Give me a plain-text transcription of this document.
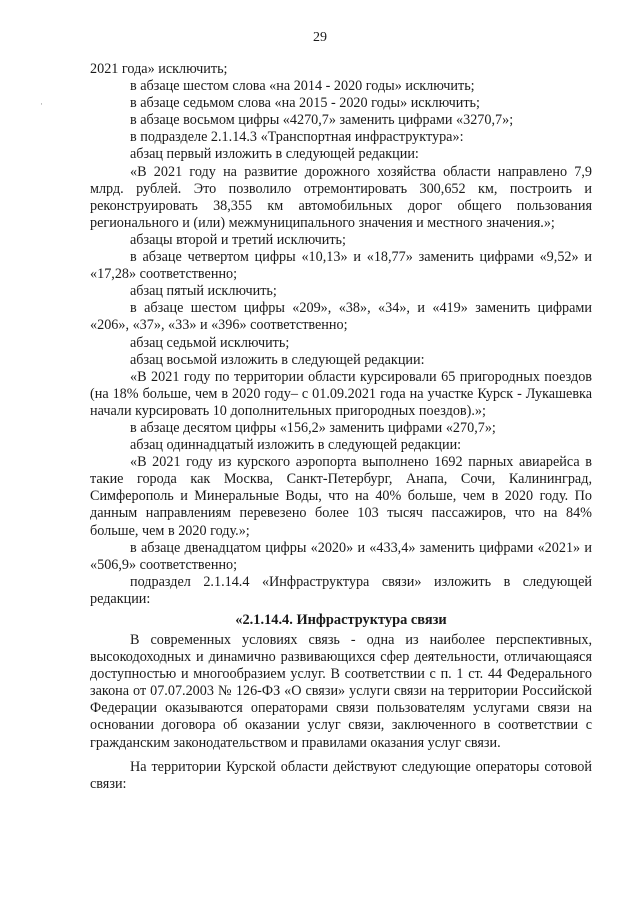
29
·

2021 года» исключить;

в абзаце шестом слова «на 2014 - 2020 годы» исключить;

в абзаце седьмом слова «на 2015 - 2020 годы» исключить;

в абзаце восьмом цифры «4270,7» заменить цифрами «3270,7»;

в подразделе 2.1.14.3 «Транспортная инфраструктура»:

абзац первый изложить в следующей редакции:

«В 2021 году на развитие дорожного хозяйства области направлено 7,9 млрд. рублей. Это позволило отремонтировать 300,652 км, построить и реконструировать 38,355 км автомобильных дорог общего пользования регионального и (или) межмуниципального значения и местного значения.»;

абзацы второй и третий исключить;

в абзаце четвертом цифры «10,13» и «18,77» заменить цифрами «9,52» и «17,28» соответственно;

абзац пятый исключить;

в абзаце шестом цифры «209», «38», «34», и «419» заменить цифрами «206», «37», «33» и «396» соответственно;

абзац седьмой исключить;

абзац восьмой изложить в следующей редакции:

«В 2021 году по территории области курсировали 65 пригородных поездов (на 18% больше, чем в 2020 году– с 01.09.2021 года на участке Курск - Лукашевка начали курсировать 10 дополнительных пригородных поездов).»;

в абзаце десятом цифры «156,2» заменить цифрами «270,7»;

абзац одиннадцатый изложить в следующей редакции:

«В 2021 году из курского аэропорта выполнено 1692 парных авиарейса в такие города как Москва, Санкт-Петербург, Анапа, Сочи, Калининград, Симферополь и Минеральные Воды, что на 40% больше, чем в 2020 году. По данным направлениям перевезено более 103 тысяч пассажиров, что на 84% больше, чем в 2020 году.»;

в абзаце двенадцатом цифры «2020» и «433,4» заменить цифрами «2021» и «506,9» соответственно;

подраздел 2.1.14.4 «Инфраструктура связи» изложить в следующей редакции:

«2.1.14.4. Инфраструктура связи

В современных условиях связь - одна из наиболее перспективных, высокодоходных и динамично развивающихся сфер деятельности, отличающаяся доступностью и многообразием услуг. В соответствии с п. 1 ст. 44 Федерального закона от 07.07.2003 № 126-ФЗ «О связи» услуги связи на территории Российской Федерации оказываются операторами связи пользователям услугами связи на основании договора об оказании услуг связи, заключенного в соответствии с гражданским законодательством и правилами оказания услуг связи.

На территории Курской области действуют следующие операторы сотовой связи:
